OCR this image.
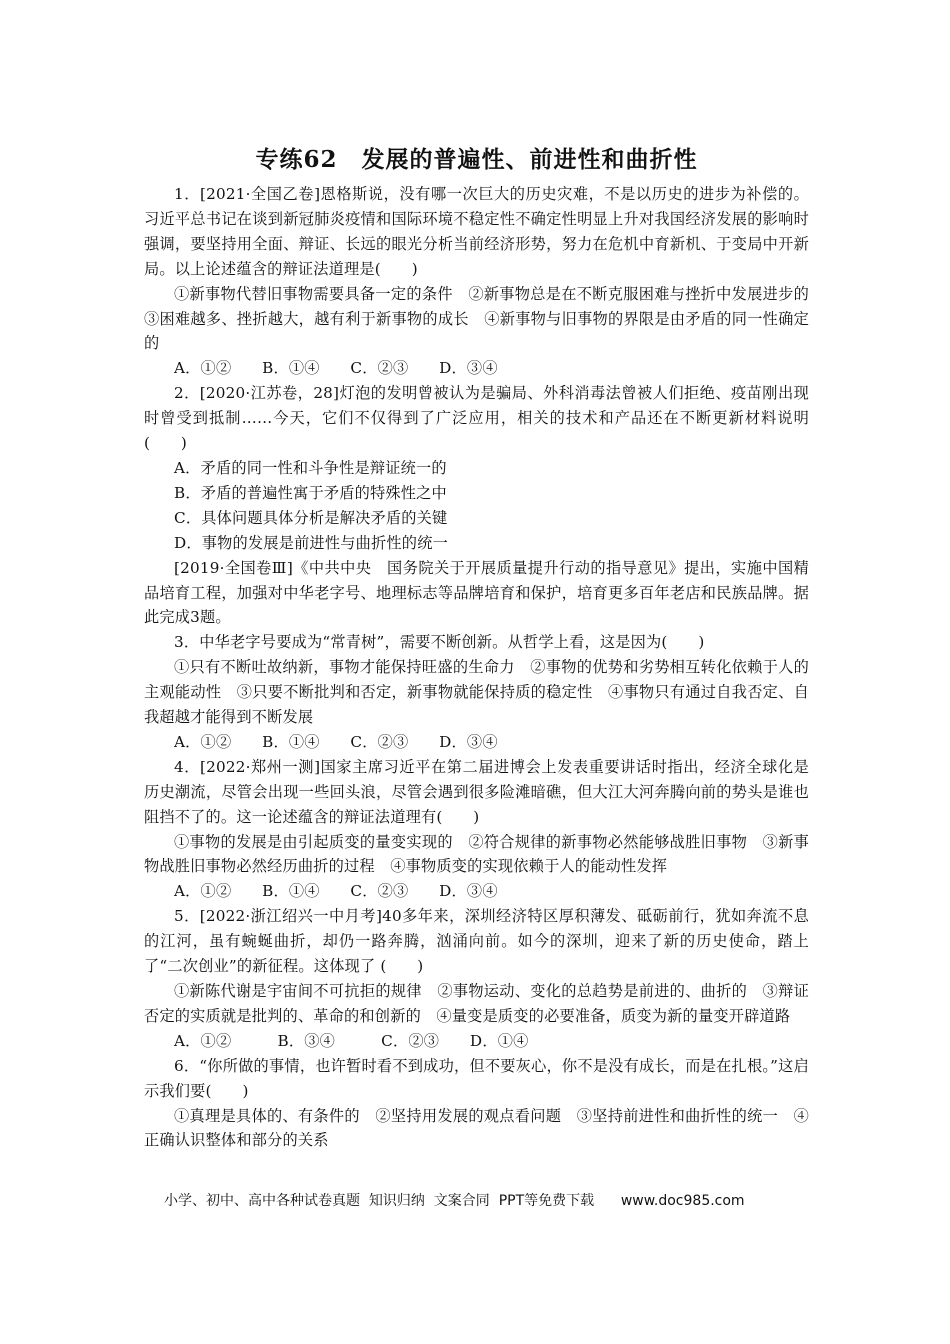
专练62　发展的普遍性、前进性和曲折性

1．[2021·全国乙卷]恩格斯说，没有哪一次巨大的历史灾难，不是以历史的进步为补偿的。习近平总书记在谈到新冠肺炎疫情和国际环境不稳定性不确定性明显上升对我国经济发展的影响时强调，要坚持用全面、辩证、长远的眼光分析当前经济形势，努力在危机中育新机、于变局中开新局。以上论述蕴含的辩证法道理是(　　)

①新事物代替旧事物需要具备一定的条件　②新事物总是在不断克服困难与挫折中发展进步的　③困难越多、挫折越大，越有利于新事物的成长　④新事物与旧事物的界限是由矛盾的同一性确定的

A．①②　　B．①④　　C．②③　　D．③④

2．[2020·江苏卷，28]灯泡的发明曾被认为是骗局、外科消毒法曾被人们拒绝、疫苗刚出现时曾受到抵制……今天，它们不仅得到了广泛应用，相关的技术和产品还在不断更新材料说明(　　)

A．矛盾的同一性和斗争性是辩证统一的

B．矛盾的普遍性寓于矛盾的特殊性之中

C．具体问题具体分析是解决矛盾的关键

D．事物的发展是前进性与曲折性的统一

[2019·全国卷Ⅲ]《中共中央　国务院关于开展质量提升行动的指导意见》提出，实施中国精品培育工程，加强对中华老字号、地理标志等品牌培育和保护，培育更多百年老店和民族品牌。据此完成3题。

3．中华老字号要成为“常青树”，需要不断创新。从哲学上看，这是因为(　　)

①只有不断吐故纳新，事物才能保持旺盛的生命力　②事物的优势和劣势相互转化依赖于人的主观能动性　③只要不断批判和否定，新事物就能保持质的稳定性　④事物只有通过自我否定、自我超越才能得到不断发展

A．①②　　B．①④　　C．②③　　D．③④

4．[2022·郑州一测]国家主席习近平在第二届进博会上发表重要讲话时指出，经济全球化是历史潮流，尽管会出现一些回头浪，尽管会遇到很多险滩暗礁，但大江大河奔腾向前的势头是谁也阻挡不了的。这一论述蕴含的辩证法道理有(　　)

①事物的发展是由引起质变的量变实现的　②符合规律的新事物必然能够战胜旧事物　③新事物战胜旧事物必然经历曲折的过程　④事物质变的实现依赖于人的能动性发挥

A．①②　　B．①④　　C．②③　　D．③④

5．[2022·浙江绍兴一中月考]40多年来，深圳经济特区厚积薄发、砥砺前行，犹如奔流不息的江河，虽有蜿蜒曲折，却仍一路奔腾，汹涌向前。如今的深圳，迎来了新的历史使命，踏上了“二次创业”的新征程。这体现了 (　　)

①新陈代谢是宇宙间不可抗拒的规律　②事物运动、变化的总趋势是前进的、曲折的　③辩证否定的实质就是批判的、革命的和创新的　④量变是质变的必要准备，质变为新的量变开辟道路

A．①②　　　B．③④　　　C．②③　　D．①④

6．“你所做的事情，也许暂时看不到成功，但不要灰心，你不是没有成长，而是在扎根。”这启示我们要(　　)

①真理是具体的、有条件的　②坚持用发展的观点看问题　③坚持前进性和曲折性的统一　④正确认识整体和部分的关系

小学、初中、高中各种试卷真题  知识归纳  文案合同  PPT等免费下载      www.doc985.com
